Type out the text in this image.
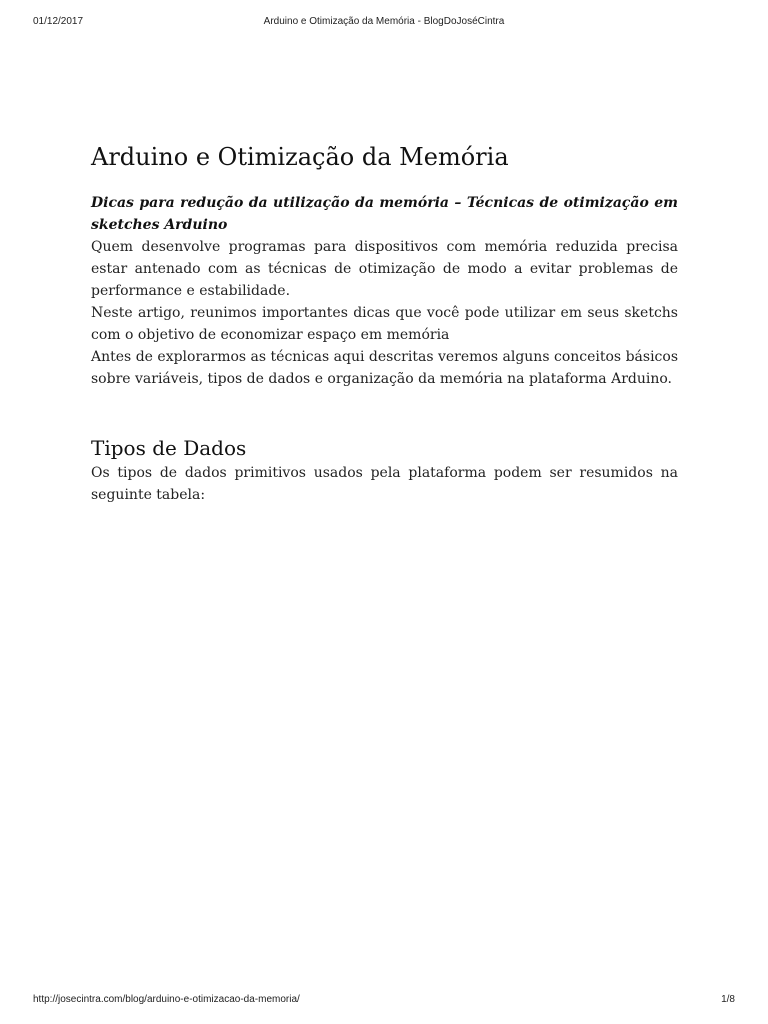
01/12/2017	Arduino e Otimização da Memória - BlogDoJoséCintra
Arduino e Otimização da Memória

Dicas para redução da utilização da memória – Técnicas de otimização em sketches Arduino

Quem desenvolve programas para dispositivos com memória reduzida precisa estar antenado com as técnicas de otimização de modo a evitar problemas de performance e estabilidade.

Neste artigo, reunimos importantes dicas que você pode utilizar em seus sketchs com o objetivo de economizar espaço em memória

Antes de explorarmos as técnicas aqui descritas veremos alguns conceitos básicos sobre variáveis, tipos de dados e organização da memória na plataforma Arduino.

Tipos de Dados

Os tipos de dados primitivos usados pela plataforma podem ser resumidos na seguinte tabela:

http://josecintra.com/blog/arduino-e-otimizacao-da-memoria/	1/8
